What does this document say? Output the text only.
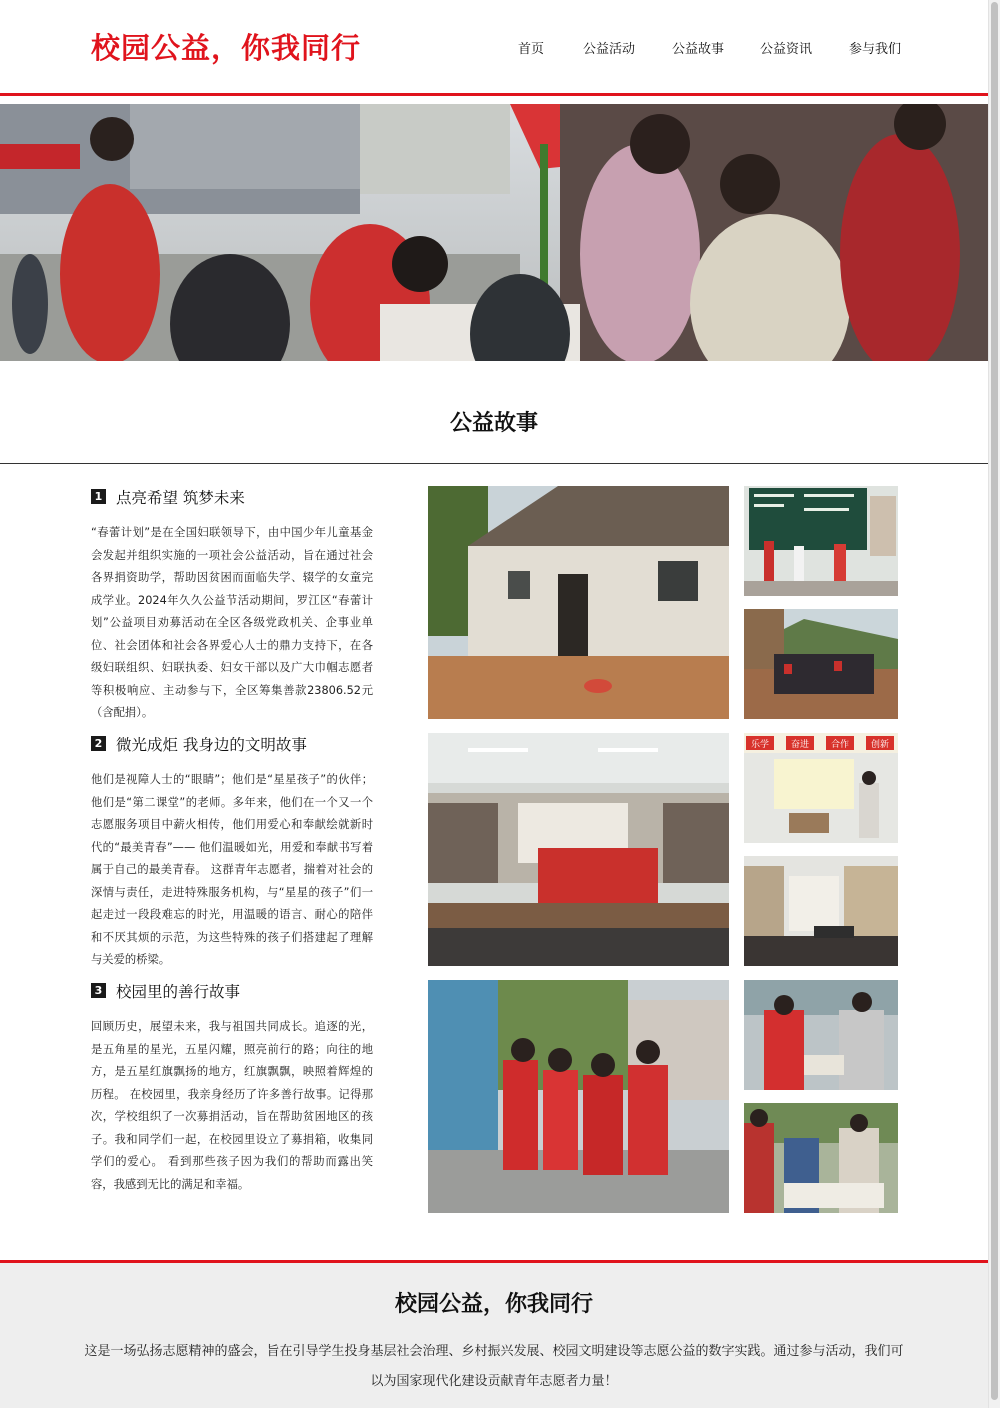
校园公益，你我同行	首页	公益活动	公益故事	公益资讯	参与我们
公益故事
1 点亮希望 筑梦未来
“春蕾计划”是在全国妇联领导下，由中国少年儿童基金会发起并组织实施的一项社会公益活动，旨在通过社会各界捐资助学，帮助因贫困而面临失学、辍学的女童完成学业。2024年久久公益节活动期间，罗江区“春蕾计划”公益项目劝募活动在全区各级党政机关、企事业单位、社会团体和社会各界爱心人士的鼎力支持下，在各级妇联组织、妇联执委、妇女干部以及广大巾帼志愿者等积极响应、主动参与下，全区筹集善款23806.52元（含配捐）。
2 微光成炬 我身边的文明故事
他们是视障人士的“眼睛”；他们是“星星孩子”的伙伴；他们是“第二课堂”的老师。多年来，他们在一个又一个志愿服务项目中薪火相传，他们用爱心和奉献绘就新时代的“最美青春”—— 他们温暖如光，用爱和奉献书写着属于自己的最美青春。 这群青年志愿者，揣着对社会的深情与责任，走进特殊服务机构，与“星星的孩子”们一起走过一段段难忘的时光，用温暖的语言、耐心的陪伴和不厌其烦的示范，为这些特殊的孩子们搭建起了理解与关爱的桥梁。
3 校园里的善行故事
回顾历史，展望未来，我与祖国共同成长。追逐的光，是五角星的星光，五星闪耀，照亮前行的路；向往的地方，是五星红旗飘扬的地方，红旗飘飘，映照着辉煌的历程。 在校园里，我亲身经历了许多善行故事。记得那次，学校组织了一次募捐活动，旨在帮助贫困地区的孩子。我和同学们一起，在校园里设立了募捐箱，收集同学们的爱心。 看到那些孩子因为我们的帮助而露出笑容，我感到无比的满足和幸福。
乐学 奋进 合作 创新
校园公益，你我同行

这是一场弘扬志愿精神的盛会，旨在引导学生投身基层社会治理、乡村振兴发展、校园文明建设等志愿公益的数字实践。通过参与活动，我们可以为国家现代化建设贡献青年志愿者力量！
